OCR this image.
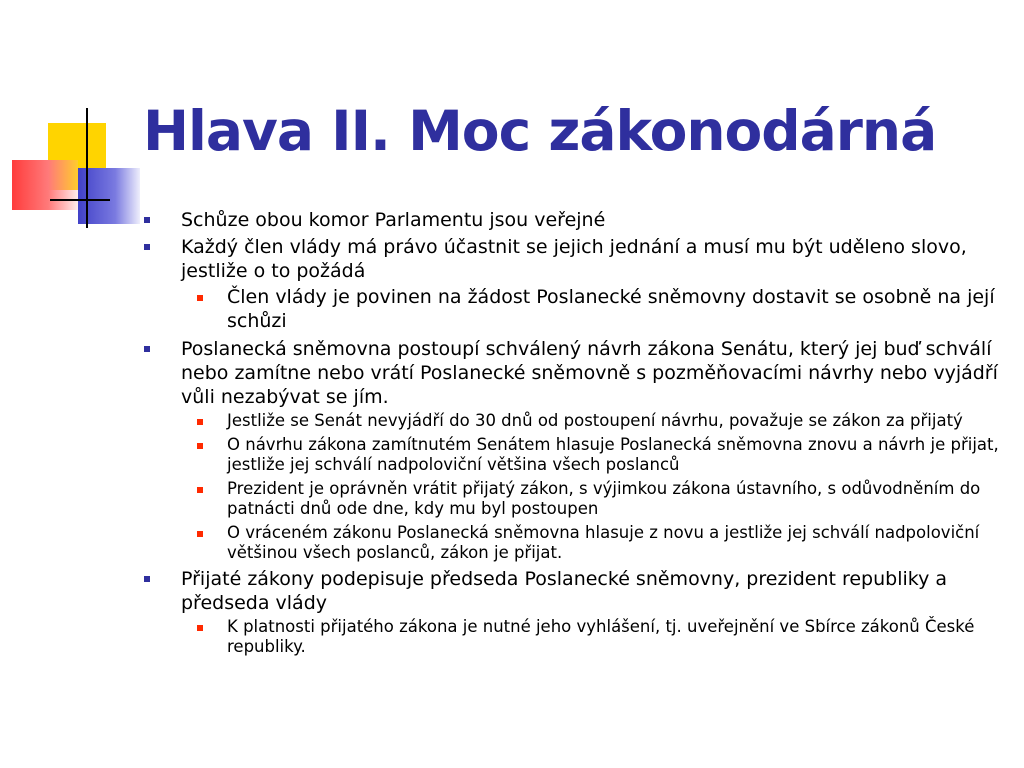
Hlava II. Moc zákonodárná
Schůze obou komor Parlamentu jsou veřejné
Každý člen vlády má právo účastnit se jejich jednání a musí mu být uděleno slovo, jestliže o to požádá
Člen vlády je povinen na žádost Poslanecké sněmovny dostavit se osobně na její schůzi
Poslanecká sněmovna postoupí schválený návrh zákona Senátu, který jej buď schválí nebo zamítne nebo vrátí Poslanecké sněmovně s pozměňovacími návrhy nebo vyjádří vůli nezabývat se jím.
Jestliže se Senát nevyjádří do 30 dnů od postoupení návrhu, považuje se zákon za přijatý
O návrhu zákona zamítnutém Senátem hlasuje Poslanecká sněmovna znovu a návrh je přijat, jestliže jej schválí nadpoloviční většina všech poslanců
Prezident je oprávněn vrátit přijatý zákon, s výjimkou zákona ústavního, s odůvodněním do patnácti dnů ode dne, kdy mu byl postoupen
O vráceném zákonu Poslanecká sněmovna hlasuje z novu a jestliže jej schválí nadpoloviční většinou všech poslanců, zákon je přijat.
Přijaté zákony podepisuje předseda Poslanecké sněmovny, prezident republiky a předseda vlády
K platnosti přijatého zákona je nutné jeho vyhlášení, tj. uveřejnění ve Sbírce zákonů České republiky.
